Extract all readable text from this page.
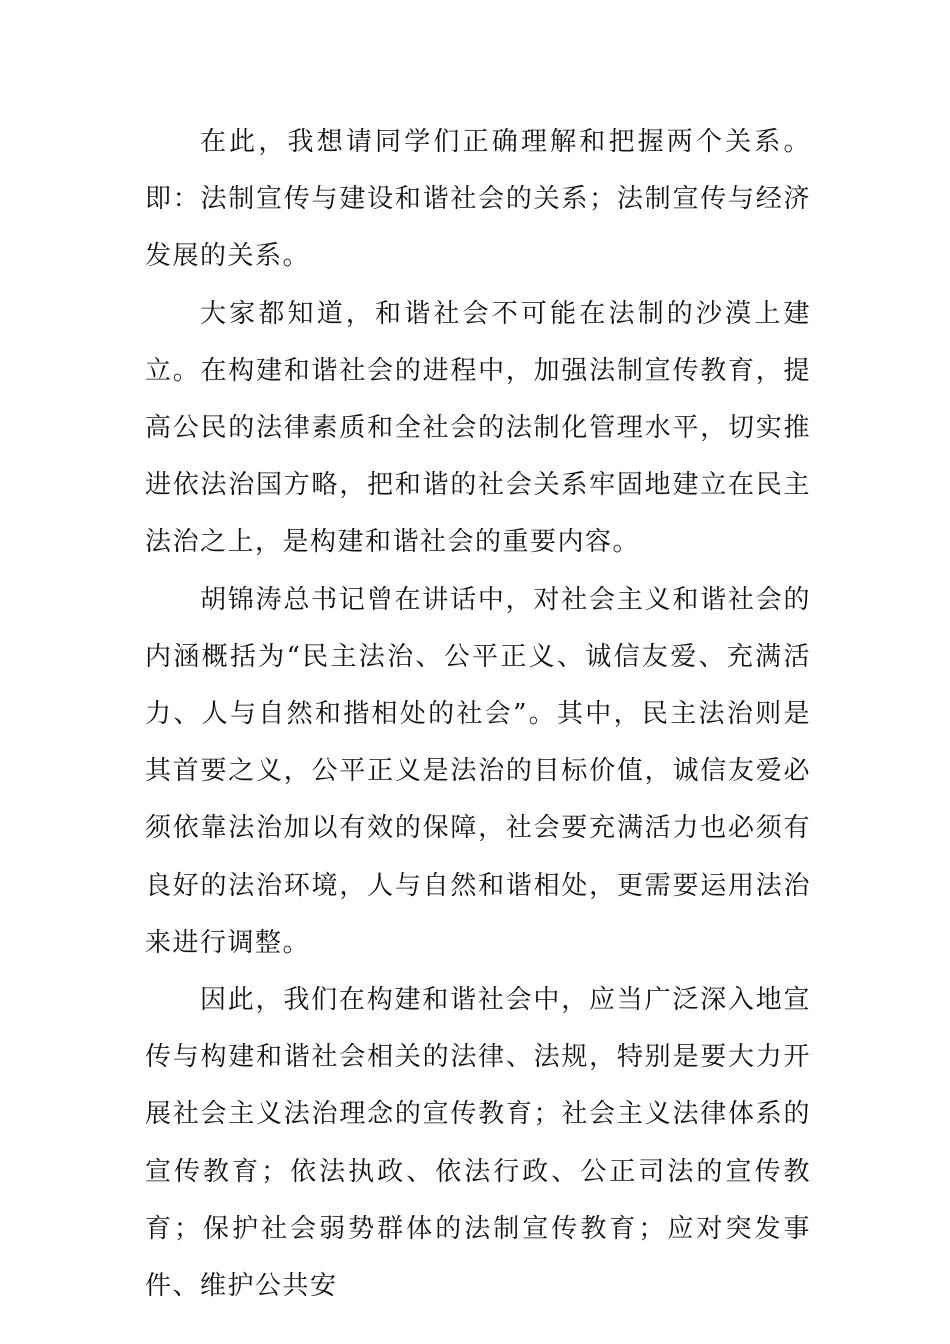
在此，我想请同学们正确理解和把握两个关系。即：法制宣传与建设和谐社会的关系；法制宣传与经济发展的关系。

大家都知道，和谐社会不可能在法制的沙漠上建立。在构建和谐社会的进程中，加强法制宣传教育，提高公民的法律素质和全社会的法制化管理水平，切实推进依法治国方略，把和谐的社会关系牢固地建立在民主法治之上，是构建和谐社会的重要内容。

胡锦涛总书记曾在讲话中，对社会主义和谐社会的内涵概括为“民主法治、公平正义、诚信友爱、充满活力、人与自然和揩相处的社会”。其中，民主法治则是其首要之义，公平正义是法治的目标价值，诚信友爱必须依靠法治加以有效的保障，社会要充满活力也必须有良好的法治环境，人与自然和谐相处，更需要运用法治来进行调整。

因此，我们在构建和谐社会中，应当广泛深入地宣传与构建和谐社会相关的法律、法规，特别是要大力开展社会主义法治理念的宣传教育；社会主义法律体系的宣传教育；依法执政、依法行政、公正司法的宣传教育；保护社会弱势群体的法制宣传教育；应对突发事件、维护公共安
